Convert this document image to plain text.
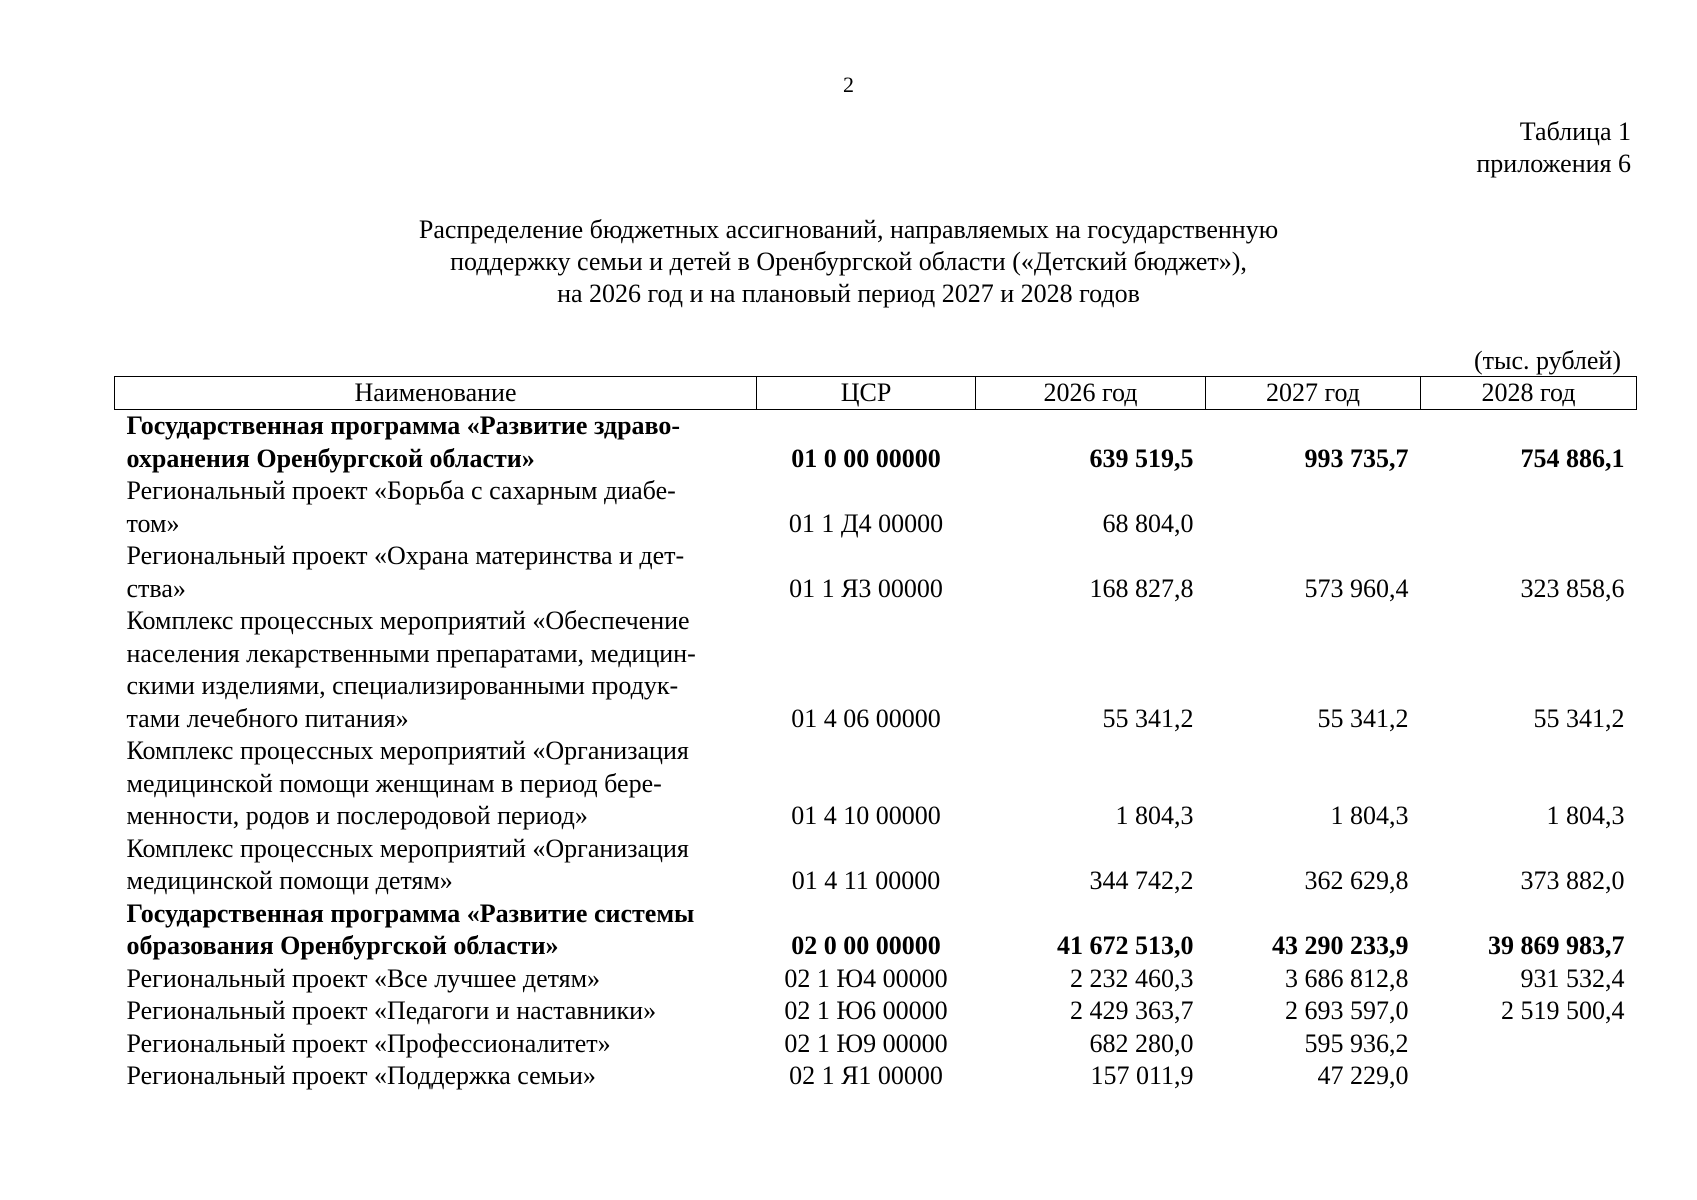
2
Таблица 1
приложения 6
Распределение бюджетных ассигнований, направляемых на государственную
поддержку семьи и детей в Оренбургской области («Детский бюджет»),
на 2026 год и на плановый период 2027 и 2028 годов
(тыс. рублей)
Наименование	ЦСР	2026 год	2027 год	2028 год

Государственная программа «Развитие здраво-
охранения Оренбургской области»	01 0 00 00000	639 519,5	993 735,7	754 886,1

Региональный проект «Борьба с сахарным диабе-
том»	01 1 Д4 00000	68 804,0		

Региональный проект «Охрана материнства и дет-
ства»	01 1 Я3 00000	168 827,8	573 960,4	323 858,6

Комплекс процессных мероприятий «Обеспечение
населения лекарственными препаратами, медицин-
скими изделиями, специализированными продук-
тами лечебного питания»	01 4 06 00000	55 341,2	55 341,2	55 341,2

Комплекс процессных мероприятий «Организация
медицинской помощи женщинам в период бере-
менности, родов и послеродовой период»	01 4 10 00000	1 804,3	1 804,3	1 804,3

Комплекс процессных мероприятий «Организация
медицинской помощи детям»	01 4 11 00000	344 742,2	362 629,8	373 882,0

Государственная программа «Развитие системы
образования Оренбургской области»	02 0 00 00000	41 672 513,0	43 290 233,9	39 869 983,7

Региональный проект «Все лучшее детям»	02 1 Ю4 00000	2 232 460,3	3 686 812,8	931 532,4

Региональный проект «Педагоги и наставники»	02 1 Ю6 00000	2 429 363,7	2 693 597,0	2 519 500,4

Региональный проект «Профессионалитет»	02 1 Ю9 00000	682 280,0	595 936,2	

Региональный проект «Поддержка семьи»	02 1 Я1 00000	157 011,9	47 229,0	
